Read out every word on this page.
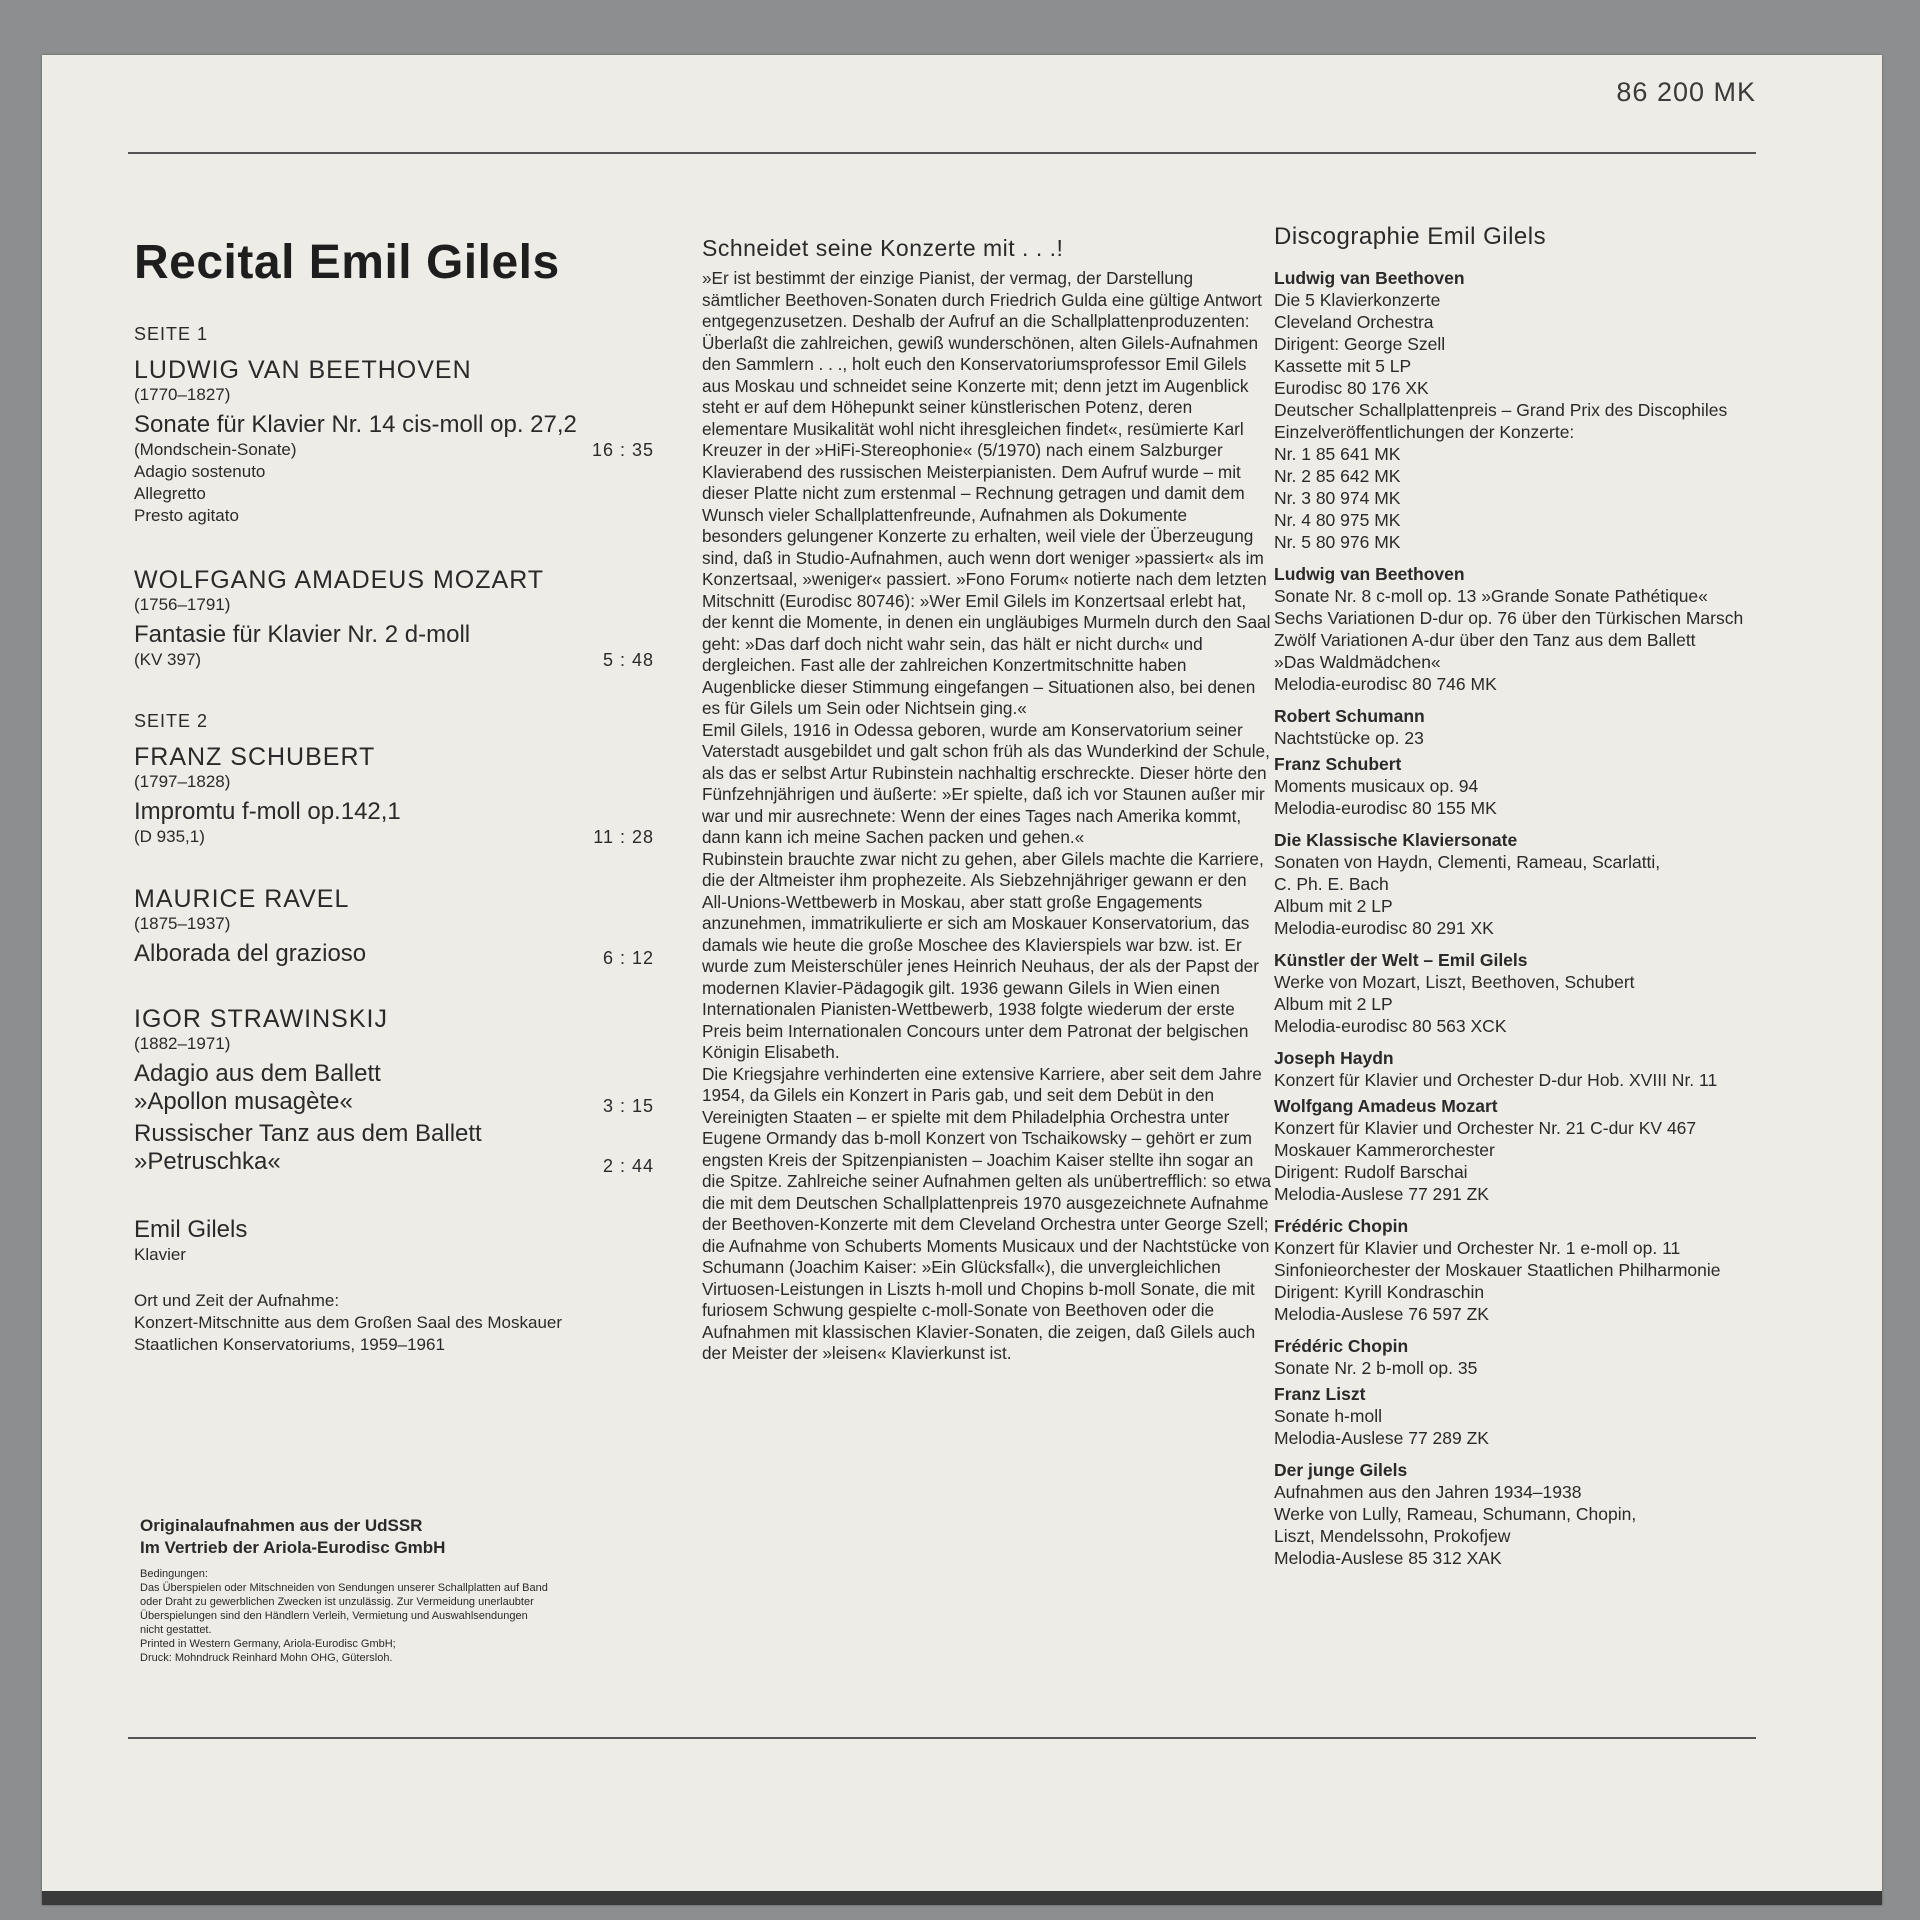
86 200 MK
Recital Emil Gilels
SEITE 1
LUDWIG VAN BEETHOVEN
(1770–1827)
Sonate für Klavier Nr. 14 cis-moll op. 27,2
(Mondschein-Sonate)	16 : 35
Adagio sostenuto
Allegretto
Presto agitato
WOLFGANG AMADEUS MOZART
(1756–1791)
Fantasie für Klavier Nr. 2 d-moll
(KV 397)	5 : 48
SEITE 2
FRANZ SCHUBERT
(1797–1828)
Impromtu f-moll op.142,1
(D 935,1)	11 : 28
MAURICE RAVEL
(1875–1937)
Alborada del grazioso	6 : 12
IGOR STRAWINSKIJ
(1882–1971)
Adagio aus dem Ballett
»Apollon musagète«	3 : 15
Russischer Tanz aus dem Ballett
»Petruschka«	2 : 44
Emil Gilels
Klavier
Ort und Zeit der Aufnahme:
Konzert-Mitschnitte aus dem Großen Saal des Moskauer
Staatlichen Konservatoriums, 1959–1961
Originalaufnahmen aus der UdSSR
Im Vertrieb der Ariola-Eurodisc GmbH
Bedingungen:
Das Überspielen oder Mitschneiden von Sendungen unserer Schallplatten auf Band
oder Draht zu gewerblichen Zwecken ist unzulässig. Zur Vermeidung unerlaubter
Überspielungen sind den Händlern Verleih, Vermietung und Auswahlsendungen
nicht gestattet.
Printed in Western Germany, Ariola-Eurodisc GmbH;
Druck: Mohndruck Reinhard Mohn OHG, Gütersloh.
Schneidet seine Konzerte mit . . .!

»Er ist bestimmt der einzige Pianist, der vermag, der Darstellung sämtlicher Beethoven-Sonaten durch Friedrich Gulda eine gültige Antwort entgegenzusetzen. Deshalb der Aufruf an die Schallplattenproduzenten: Überlaßt die zahlreichen, gewiß wunderschönen, alten Gilels-Aufnahmen den Sammlern . . ., holt euch den Konservatoriumsprofessor Emil Gilels aus Moskau und schneidet seine Konzerte mit; denn jetzt im Augenblick steht er auf dem Höhepunkt seiner künstlerischen Potenz, deren elementare Musikalität wohl nicht ihresgleichen findet«, resümierte Karl Kreuzer in der »HiFi-Stereophonie« (5/1970) nach einem Salzburger Klavierabend des russischen Meisterpianisten. Dem Aufruf wurde – mit dieser Platte nicht zum erstenmal – Rechnung getragen und damit dem Wunsch vieler Schallplattenfreunde, Aufnahmen als Dokumente besonders gelungener Konzerte zu erhalten, weil viele der Überzeugung sind, daß in Studio-Aufnahmen, auch wenn dort weniger »passiert« als im Konzertsaal, »weniger« passiert. »Fono Forum« notierte nach dem letzten Mitschnitt (Eurodisc 80746): »Wer Emil Gilels im Konzertsaal erlebt hat, der kennt die Momente, in denen ein ungläubiges Murmeln durch den Saal geht: »Das darf doch nicht wahr sein, das hält er nicht durch« und dergleichen. Fast alle der zahlreichen Konzertmitschnitte haben Augenblicke dieser Stimmung eingefangen – Situationen also, bei denen es für Gilels um Sein oder Nichtsein ging.«

Emil Gilels, 1916 in Odessa geboren, wurde am Konservatorium seiner Vaterstadt ausgebildet und galt schon früh als das Wunderkind der Schule, als das er selbst Artur Rubinstein nachhaltig erschreckte. Dieser hörte den Fünfzehnjährigen und äußerte: »Er spielte, daß ich vor Staunen außer mir war und mir ausrechnete: Wenn der eines Tages nach Amerika kommt, dann kann ich meine Sachen packen und gehen.«

Rubinstein brauchte zwar nicht zu gehen, aber Gilels machte die Karriere, die der Altmeister ihm prophezeite. Als Siebzehnjähriger gewann er den All-Unions-Wettbewerb in Moskau, aber statt große Engagements anzunehmen, immatrikulierte er sich am Moskauer Konservatorium, das damals wie heute die große Moschee des Klavierspiels war bzw. ist. Er wurde zum Meisterschüler jenes Heinrich Neuhaus, der als der Papst der modernen Klavier-Pädagogik gilt. 1936 gewann Gilels in Wien einen Internationalen Pianisten-Wettbewerb, 1938 folgte wiederum der erste Preis beim Internationalen Concours unter dem Patronat der belgischen Königin Elisabeth.

Die Kriegsjahre verhinderten eine extensive Karriere, aber seit dem Jahre 1954, da Gilels ein Konzert in Paris gab, und seit dem Debüt in den Vereinigten Staaten – er spielte mit dem Philadelphia Orchestra unter Eugene Ormandy das b-moll Konzert von Tschaikowsky – gehört er zum engsten Kreis der Spitzenpianisten – Joachim Kaiser stellte ihn sogar an die Spitze. Zahlreiche seiner Aufnahmen gelten als unübertrefflich: so etwa die mit dem Deutschen Schallplattenpreis 1970 ausgezeichnete Aufnahme der Beethoven-Konzerte mit dem Cleveland Orchestra unter George Szell; die Aufnahme von Schuberts Moments Musicaux und der Nachtstücke von Schumann (Joachim Kaiser: »Ein Glücksfall«), die unvergleichlichen Virtuosen-Leistungen in Liszts h-moll und Chopins b-moll Sonate, die mit furiosem Schwung gespielte c-moll-Sonate von Beethoven oder die Aufnahmen mit klassischen Klavier-Sonaten, die zeigen, daß Gilels auch der Meister der »leisen« Klavierkunst ist.

Discographie Emil Gilels
Ludwig van Beethoven
Die 5 Klavierkonzerte
Cleveland Orchestra
Dirigent: George Szell
Kassette mit 5 LP
Eurodisc 80 176 XK
Deutscher Schallplattenpreis – Grand Prix des Discophiles
Einzelveröffentlichungen der Konzerte:
Nr. 1 85 641 MK
Nr. 2 85 642 MK
Nr. 3 80 974 MK
Nr. 4 80 975 MK
Nr. 5 80 976 MK
Ludwig van Beethoven
Sonate Nr. 8 c-moll op. 13 »Grande Sonate Pathétique«
Sechs Variationen D-dur op. 76 über den Türkischen Marsch
Zwölf Variationen A-dur über den Tanz aus dem Ballett
»Das Waldmädchen«
Melodia-eurodisc 80 746 MK
Robert Schumann
Nachtstücke op. 23
Franz Schubert
Moments musicaux op. 94
Melodia-eurodisc 80 155 MK
Die Klassische Klaviersonate
Sonaten von Haydn, Clementi, Rameau, Scarlatti,
C. Ph. E. Bach
Album mit 2 LP
Melodia-eurodisc 80 291 XK
Künstler der Welt – Emil Gilels
Werke von Mozart, Liszt, Beethoven, Schubert
Album mit 2 LP
Melodia-eurodisc 80 563 XCK
Joseph Haydn
Konzert für Klavier und Orchester D-dur Hob. XVIII Nr. 11
Wolfgang Amadeus Mozart
Konzert für Klavier und Orchester Nr. 21 C-dur KV 467
Moskauer Kammerorchester
Dirigent: Rudolf Barschai
Melodia-Auslese 77 291 ZK
Frédéric Chopin
Konzert für Klavier und Orchester Nr. 1 e-moll op. 11
Sinfonieorchester der Moskauer Staatlichen Philharmonie
Dirigent: Kyrill Kondraschin
Melodia-Auslese 76 597 ZK
Frédéric Chopin
Sonate Nr. 2 b-moll op. 35
Franz Liszt
Sonate h-moll
Melodia-Auslese 77 289 ZK
Der junge Gilels
Aufnahmen aus den Jahren 1934–1938
Werke von Lully, Rameau, Schumann, Chopin,
Liszt, Mendelssohn, Prokofjew
Melodia-Auslese 85 312 XAK
